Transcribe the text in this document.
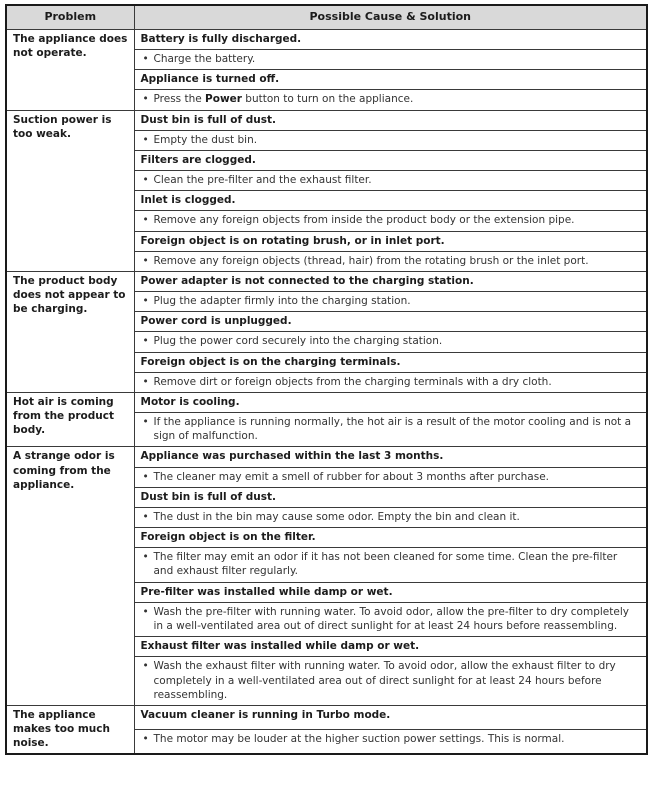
Problem	Possible Cause & Solution
The appliance does not operate.	Battery is fully discharged.

	• Charge the battery.

	Appliance is turned off.

	• Press the Power button to turn on the appliance.

Suction power is too weak.	Dust bin is full of dust.

	• Empty the dust bin.

	Filters are clogged.

	• Clean the pre-filter and the exhaust filter.

	Inlet is clogged.

	• Remove any foreign objects from inside the product body or the extension pipe.

	Foreign object is on rotating brush, or in inlet port.

	• Remove any foreign objects (thread, hair) from the rotating brush or the inlet port.

The product body does not appear to be charging.	Power adapter is not connected to the charging station.

	• Plug the adapter firmly into the charging station.

	Power cord is unplugged.

	• Plug the power cord securely into the charging station.

	Foreign object is on the charging terminals.

	• Remove dirt or foreign objects from the charging terminals with a dry cloth.

Hot air is coming from the product body.	Motor is cooling.

	• If the appliance is running normally, the hot air is a result of the motor cooling and is not a sign of malfunction.

A strange odor is coming from the appliance.	Appliance was purchased within the last 3 months.

	• The cleaner may emit a smell of rubber for about 3 months after purchase.

	Dust bin is full of dust.

	• The dust in the bin may cause some odor. Empty the bin and clean it.

	Foreign object is on the filter.

	• The filter may emit an odor if it has not been cleaned for some time. Clean the pre-filter and exhaust filter regularly.

	Pre-filter was installed while damp or wet.

	• Wash the pre-filter with running water. To avoid odor, allow the pre-filter to dry completely in a well-ventilated area out of direct sunlight for at least 24 hours before reassembling.

	Exhaust filter was installed while damp or wet.

	• Wash the exhaust filter with running water. To avoid odor, allow the exhaust filter to dry completely in a well-ventilated area out of direct sunlight for at least 24 hours before reassembling.

The appliance makes too much noise.	Vacuum cleaner is running in Turbo mode.

	• The motor may be louder at the higher suction power settings. This is normal.
